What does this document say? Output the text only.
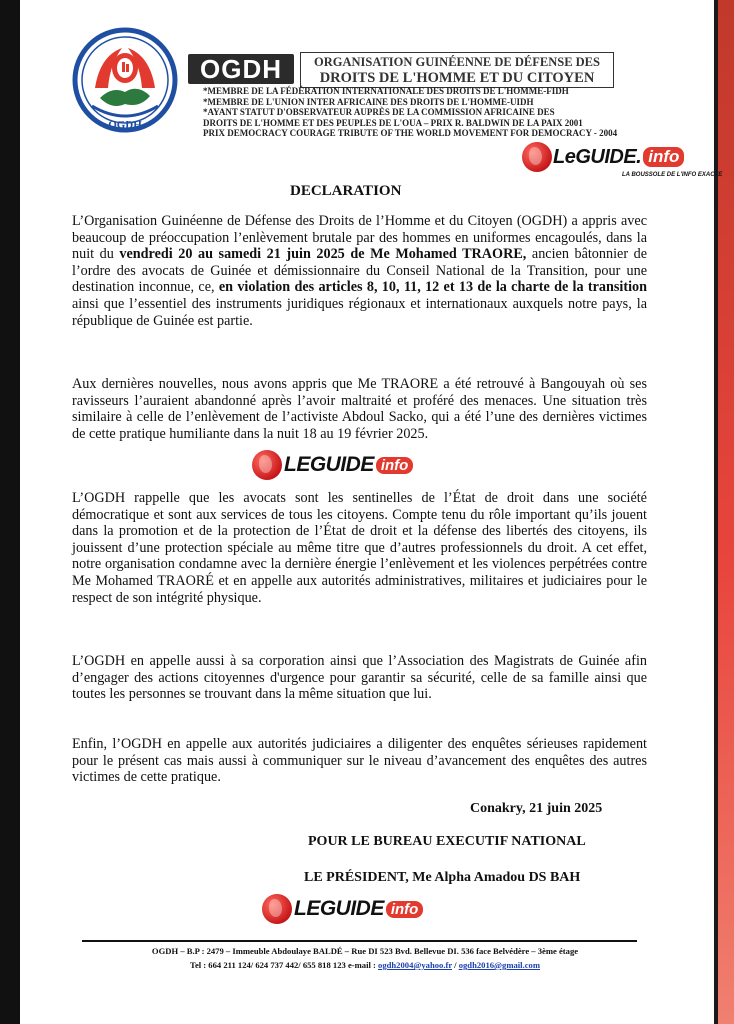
OGDH
OGDH	ORGANISATION GUINÉENNE DE DÉFENSE DES
DROITS DE L'HOMME ET DU CITOYEN
*MEMBRE DE LA FÉDÉRATION INTERNATIONALE DES DROITS DE L'HOMME-FIDH
*MEMBRE DE L'UNION INTER AFRICAINE DES DROITS DE L'HOMME-UIDH
*AYANT STATUT D'OBSERVATEUR AUPRÈS DE LA COMMISSION AFRICAINE DES
DROITS DE L'HOMME ET DES PEUPLES DE L'OUA – PRIX R. BALDWIN DE LA PAIX 2001
PRIX DEMOCRACY COURAGE TRIBUTE OF THE WORLD MOVEMENT FOR DEMOCRACY - 2004
LeGUIDE. info
LA BOUSSOLE DE L'INFO EXACTE
DECLARATION

L’Organisation Guinéenne de Défense des Droits de l’Homme et du Citoyen (OGDH) a appris avec beaucoup de préoccupation l’enlèvement brutale par des hommes en uniformes encagoulés, dans la nuit du vendredi 20 au samedi 21 juin 2025 de Me Mohamed TRAORE, ancien bâtonnier de l’ordre des avocats de Guinée et démissionnaire du Conseil National de la Transition, pour une destination inconnue, ce, en violation des articles 8, 10, 11, 12 et 13 de la charte de la transition ainsi que l’essentiel des instruments juridiques régionaux et internationaux auxquels notre pays, la république de Guinée est partie.

Aux dernières nouvelles, nous avons appris que Me TRAORE a été retrouvé à Bangouyah où ses ravisseurs l’auraient abandonné après l’avoir maltraité et proféré des menaces. Une situation très similaire à celle de l’enlèvement de l’activiste Abdoul Sacko, qui a été l’une des dernières victimes de cette pratique humiliante dans la nuit 18 au 19 février 2025.

LEGUIDE info

L’OGDH rappelle que les avocats sont les sentinelles de l’État de droit dans une société démocratique et sont aux services de tous les citoyens. Compte tenu du rôle important qu’ils jouent dans la promotion et de la protection de l’État de droit et la défense des libertés des citoyens, ils jouissent d’une protection spéciale au même titre que d’autres professionnels du droit. A cet effet, notre organisation condamne avec la dernière énergie l’enlèvement et les violences perpétrées contre Me Mohamed TRAORÉ et en appelle aux autorités administratives, militaires et judiciaires pour le respect de son intégrité physique.

L’OGDH en appelle aussi à sa corporation ainsi que l’Association des Magistrats de Guinée afin d’engager des actions citoyennes d'urgence pour garantir sa sécurité, celle de sa famille ainsi que toutes les personnes se trouvant dans la même situation que lui.

Enfin, l’OGDH en appelle aux autorités judiciaires a diligenter des enquêtes sérieuses rapidement pour le présent cas mais aussi à communiquer sur le niveau d’avancement des enquêtes des autres victimes de cette pratique.

Conakry, 21 juin 2025
POUR LE BUREAU EXECUTIF NATIONAL
LE PRÉSIDENT, Me Alpha Amadou DS BAH
LEGUIDE info
OGDH – B.P : 2479 – Immeuble Abdoulaye BALDÉ – Rue DI 523 Bvd. Bellevue DI. 536 face Belvédère – 3ème étage
Tel : 664 211 124/ 624 737 442/ 655 818 123 e-mail : ogdh2004@yahoo.fr / ogdh2016@gmail.com
